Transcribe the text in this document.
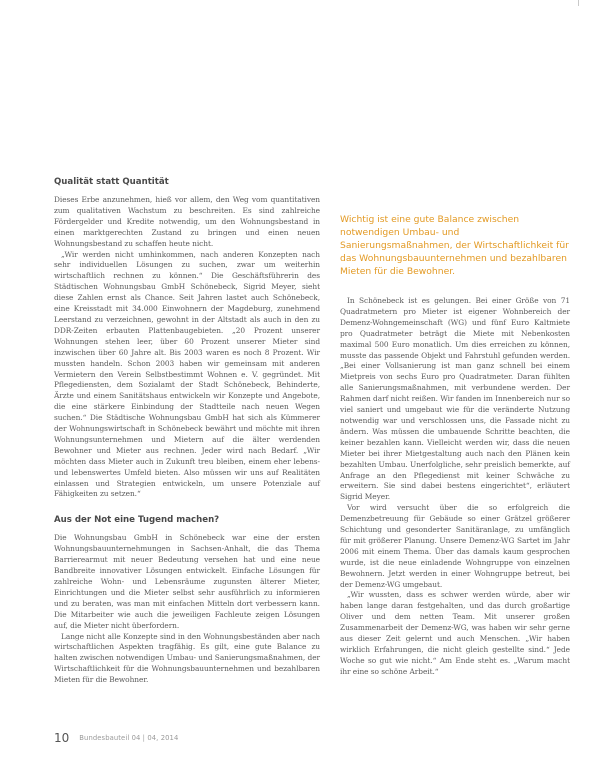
Qualität statt Quantität

Dieses Erbe anzunehmen, hieß vor allem, den Weg vom quantitativen zum qualitativen Wachstum zu beschreiten. Es sind zahlreiche Fördergelder und Kredite notwendig, um den Wohnungsbestand in einen marktgerechten Zustand zu bringen und einen neuen Wohnungsbestand zu schaffen heute nicht.

„Wir werden nicht umhinkommen, nach anderen Konzepten nach sehr individuellen Lösungen zu suchen, zwar um weiterhin wirtschaftlich rechnen zu können.“ Die Geschäftsführerin des Städtischen Wohnungsbau GmbH Schönebeck, Sigrid Meyer, sieht diese Zahlen ernst als Chance. Seit Jahren lastet auch Schönebeck, eine Kreisstadt mit 34.000 Einwohnern der Magdeburg, zunehmend Leerstand zu verzeichnen, gewohnt in der Altstadt als auch in den zu DDR-Zeiten erbauten Plattenbaugebieten. „20 Prozent unserer Wohnungen stehen leer, über 60 Prozent unserer Mieter sind inzwischen über 60 Jahre alt. Bis 2003 waren es noch 8 Prozent. Wir mussten handeln. Schon 2003 haben wir gemeinsam mit anderen Vermietern den Verein Selbstbestimmt Wohnen e. V. gegründet. Mit Pflegediensten, dem Sozialamt der Stadt Schönebeck, Behinderte, Ärzte und einem Sanitätshaus entwickeln wir Konzepte und Angebote, die eine stärkere Einbindung der Stadtteile nach neuen Wegen suchen.“ Die Städtische Wohnungsbau GmbH hat sich als Kümmerer der Wohnungswirtschaft in Schönebeck bewährt und möchte mit ihren Wohnungsunternehmen und Mietern auf die älter werdenden Bewohner und Mieter aus rechnen. Jeder wird nach Bedarf. „Wir möchten dass Mieter auch in Zukunft treu bleiben, einem eher lebens- und lebenswertes Umfeld bieten. Also müssen wir uns auf Realitäten einlassen und Strategien entwickeln, um unsere Potenziale auf Fähigkeiten zu setzen.“

Aus der Not eine Tugend machen?

Die Wohnungsbau GmbH in Schönebeck war eine der ersten Wohnungsbauunternehmungen in Sachsen-Anhalt, die das Thema Barrierearmut mit neuer Bedeutung versehen hat und eine neue Bandbreite innovativer Lösungen entwickelt. Einfache Lösungen für zahlreiche Wohn- und Lebensräume zugunsten älterer Mieter, Einrichtungen und die Mieter selbst sehr ausführlich zu informieren und zu beraten, was man mit einfachen Mitteln dort verbessern kann. Die Mitarbeiter wie auch die jeweiligen Fachleute zeigen Lösungen auf, die Mieter nicht überfordern.

Lange nicht alle Konzepte sind in den Wohnungsbeständen aber nach wirtschaftlichen Aspekten tragfähig. Es gilt, eine gute Balance zu halten zwischen notwendigen Umbau- und Sanierungsmaßnahmen, der Wirtschaftlichkeit für die Wohnungsbauunternehmen und bezahlbaren Mieten für die Bewohner.

Wichtig ist eine gute Balance zwischen notwendigen Umbau- und Sanierungsmaßnahmen, der Wirtschaftlichkeit für das Wohnungsbauunternehmen und bezahlbaren Mieten für die Bewohner.

In Schönebeck ist es gelungen. Bei einer Größe von 71 Quadratmetern pro Mieter ist eigener Wohnbereich der Demenz-Wohngemeinschaft (WG) und fünf Euro Kaltmiete pro Quadratmeter beträgt die Miete mit Nebenkosten maximal 500 Euro monatlich. Um dies erreichen zu können, musste das passende Objekt und Fahrstuhl gefunden werden. „Bei einer Vollsanierung ist man ganz schnell bei einem Mietpreis von sechs Euro pro Quadratmeter. Daran fühlten alle Sanierungsmaßnahmen, mit verbundene werden. Der Rahmen darf nicht reißen. Wir fanden im Innenbereich nur so viel saniert und umgebaut wie für die veränderte Nutzung notwendig war und verschlossen uns, die Fassade nicht zu ändern. Was müssen die umbauende Schritte beachten, die keiner bezahlen kann. Vielleicht werden wir, dass die neuen Mieter bei ihrer Mietgestaltung auch nach den Plänen kein bezahlten Umbau. Unerfolgliche, sehr preislich bemerkte, auf Anfrage an den Pflegedienst mit keiner Schwäche zu erweitern. Sie sind dabei bestens eingerichtet“, erläutert Sigrid Meyer.

Vor wird versucht über die so erfolgreich die Demenzbetreuung für Gebäude so einer Grätzel größerer Schichtung und gesonderter Sanitäranlage, zu umfänglich für mit größerer Planung. Unsere Demenz-WG Sartet im Jahr 2006 mit einem Thema. Über das damals kaum gesprochen wurde, ist die neue einladende Wohngruppe von einzelnen Bewohnern. Jetzt werden in einer Wohngruppe betreut, bei der Demenz-WG umgebaut.

„Wir wussten, dass es schwer werden würde, aber wir haben lange daran festgehalten, und das durch großartige Oliver und dem netten Team. Mit unserer großen Zusammenarbeit der Demenz-WG, was haben wir sehr gerne aus dieser Zeit gelernt und auch Menschen. „Wir haben wirklich Erfahrungen, die nicht gleich gestellte sind.“ Jede Woche so gut wie nicht.“ Am Ende steht es. „Warum macht ihr eine so schöne Arbeit.“

10 Bundesbauteil 04 | 04, 2014
